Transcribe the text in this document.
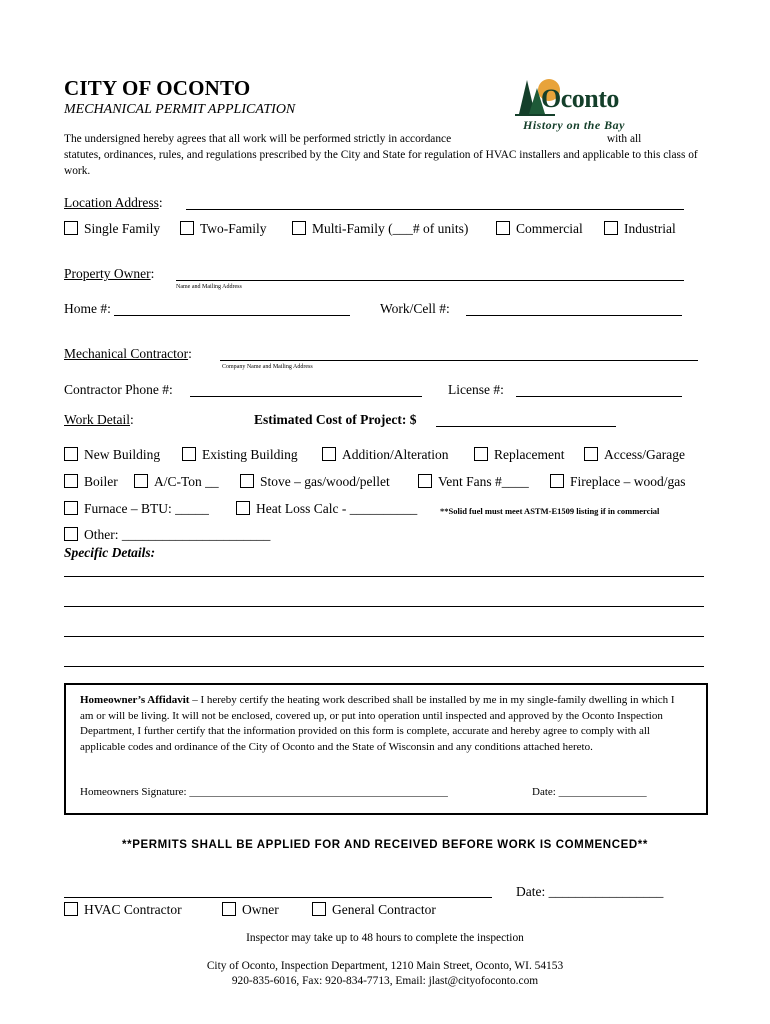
CITY OF OCONTO
MECHANICAL PERMIT APPLICATION	Oconto
History on the Bay
The undersigned hereby agrees that all work will be performed strictly in accordance	with all
statutes, ordinances, rules, and regulations prescribed by the City and State for regulation of HVAC installers and applicable to this class of work.
Location Address:
Single Family	Two-Family	Multi-Family (___# of units)	Commercial	Industrial
Property Owner:
Name and Mailing Address
Home #:	Work/Cell #:
Mechanical Contractor:
Company Name and Mailing Address
Contractor Phone #:	License #:
Work Detail:	Estimated Cost of Project: $
New Building	Existing Building	Addition/Alteration	Replacement	Access/Garage
Boiler	A/C-Ton __	Stove – gas/wood/pellet	Vent Fans #____	Fireplace – wood/gas
Furnace – BTU: _____	Heat Loss Calc - __________	**Solid fuel must meet ASTM-E1509 listing if in commercial
Other: ______________________
Specific Details:
Homeowner’s Affidavit – I hereby certify the heating work described shall be installed by me in my single-family dwelling in which I am or will be living. It will not be enclosed, covered up, or put into operation until inspected and approved by the Oconto Inspection Department, I further certify that the information provided on this form is complete, accurate and hereby agree to comply with all applicable codes and ordinance of the City of Oconto and the State of Wisconsin and any conditions attached hereto.
Homeowners Signature: _______________________________________________	Date: ________________
**PERMITS SHALL BE APPLIED FOR AND RECEIVED BEFORE WORK IS COMMENCED**
Date: _________________
HVAC Contractor	Owner	General Contractor
Inspector may take up to 48 hours to complete the inspection
City of Oconto, Inspection Department, 1210 Main Street, Oconto, WI. 54153
920-835-6016, Fax: 920-834-7713, Email: jlast@cityofoconto.com
